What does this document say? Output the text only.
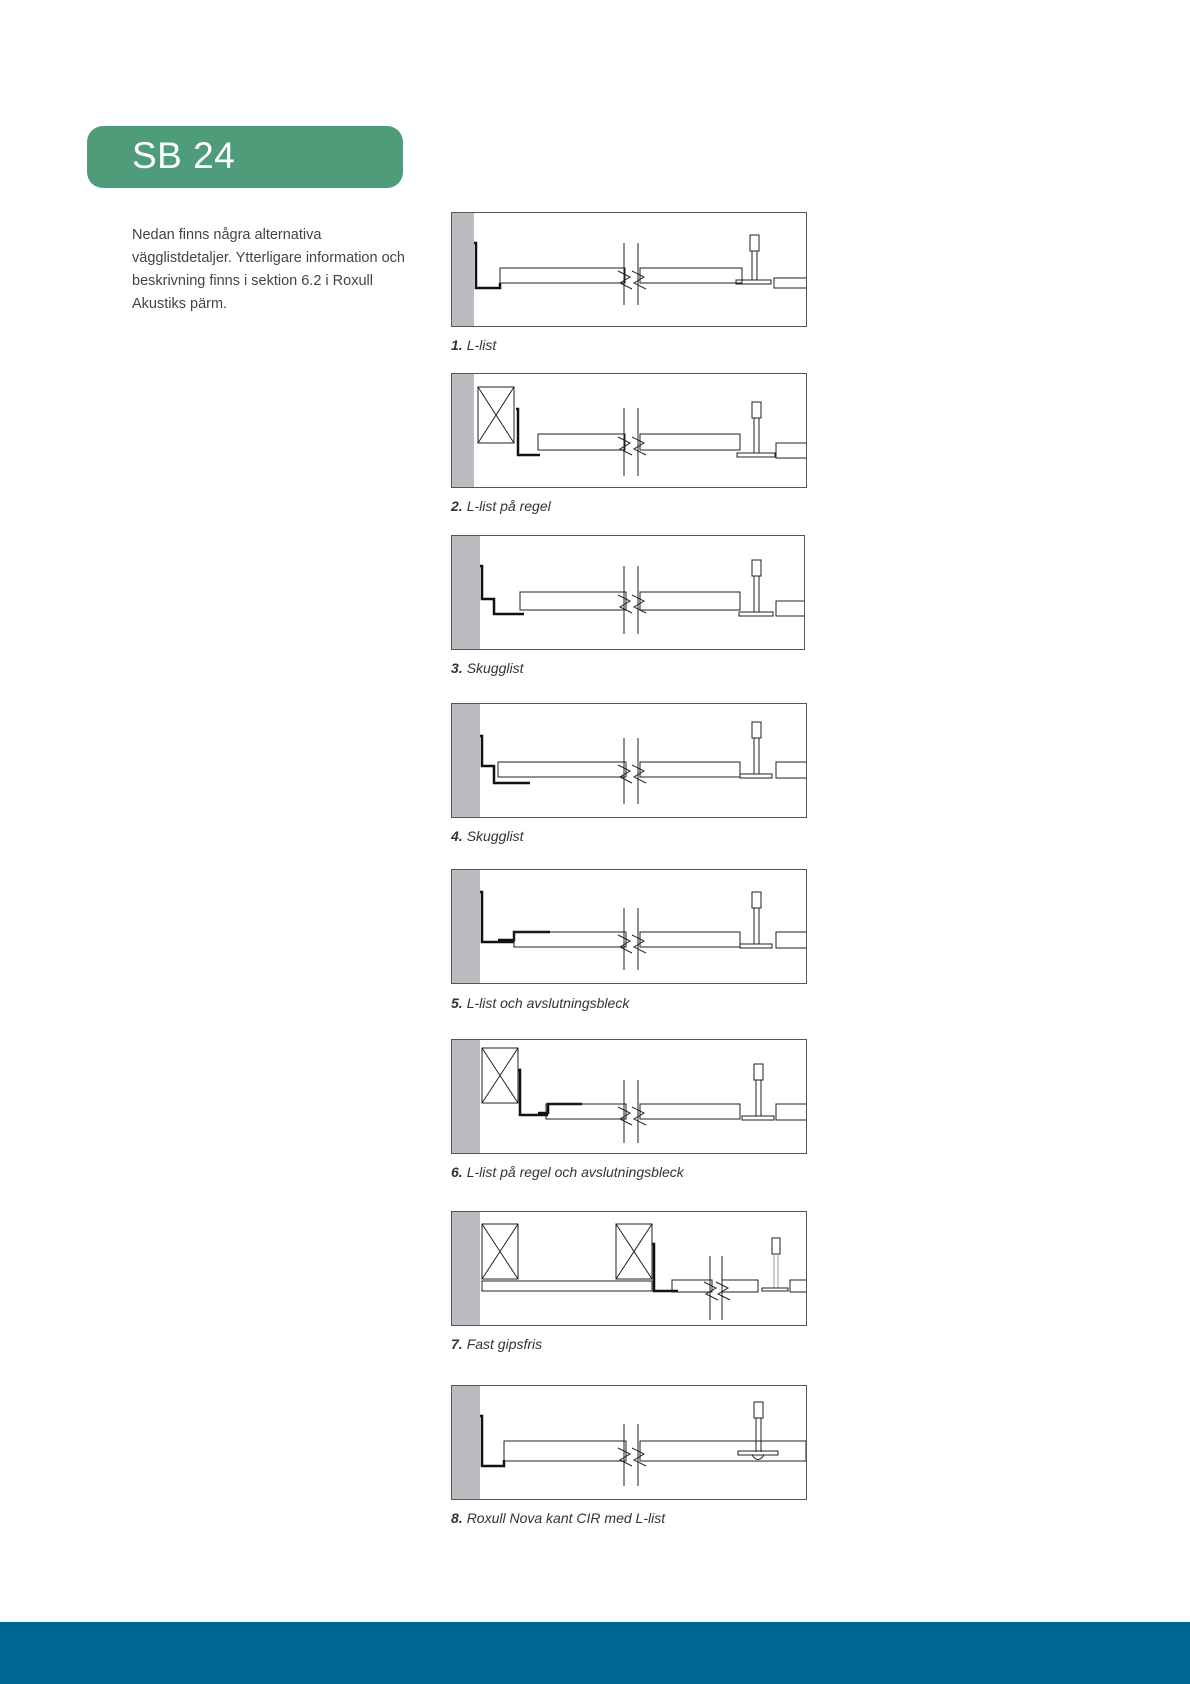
SB 24
Nedan finns några alternativa vägglistdetaljer. Ytterligare information och beskrivning finns i sektion 6.2 i Roxull Akustiks pärm.
1. L-list
2. L-list på regel
3. Skugglist
4. Skugglist
5. L-list och avslutningsbleck
6. L-list på regel och avslutningsbleck
7. Fast gipsfris
8. Roxull Nova kant CIR med L-list
